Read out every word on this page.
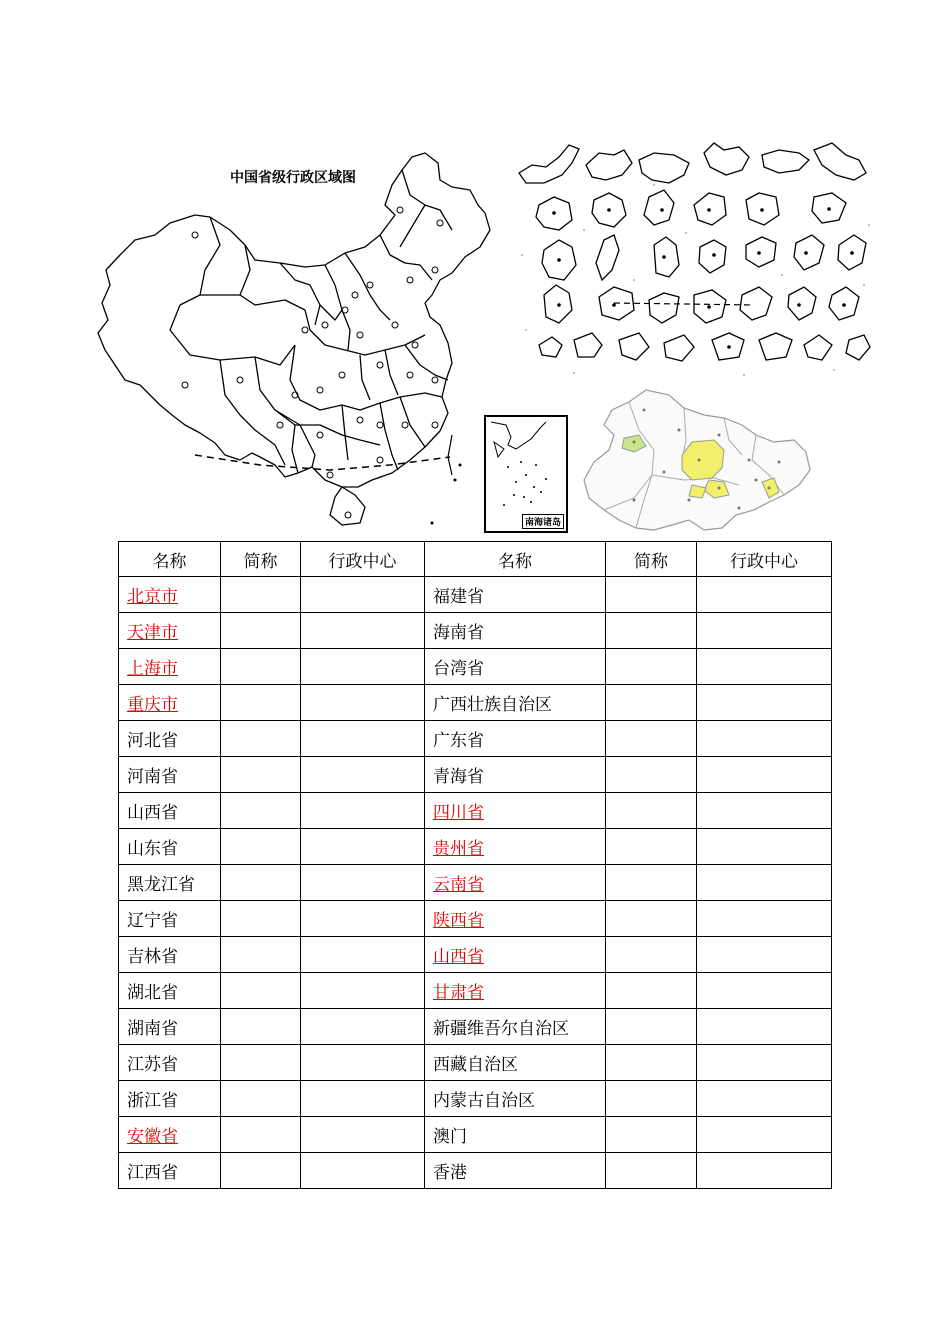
中国省级行政区域图
南海诸岛
名称	简称	行政中心	名称	简称	行政中心
北京市			福建省		
天津市			海南省		
上海市			台湾省		
重庆市			广西壮族自治区		
河北省			广东省		
河南省			青海省		
山西省			四川省		
山东省			贵州省		
黑龙江省			云南省		
辽宁省			陕西省		
吉林省			山西省		
湖北省			甘肃省		
湖南省			新疆维吾尔自治区		
江苏省			西藏自治区		
浙江省			内蒙古自治区		
安徽省			澳门		
江西省			香港		
